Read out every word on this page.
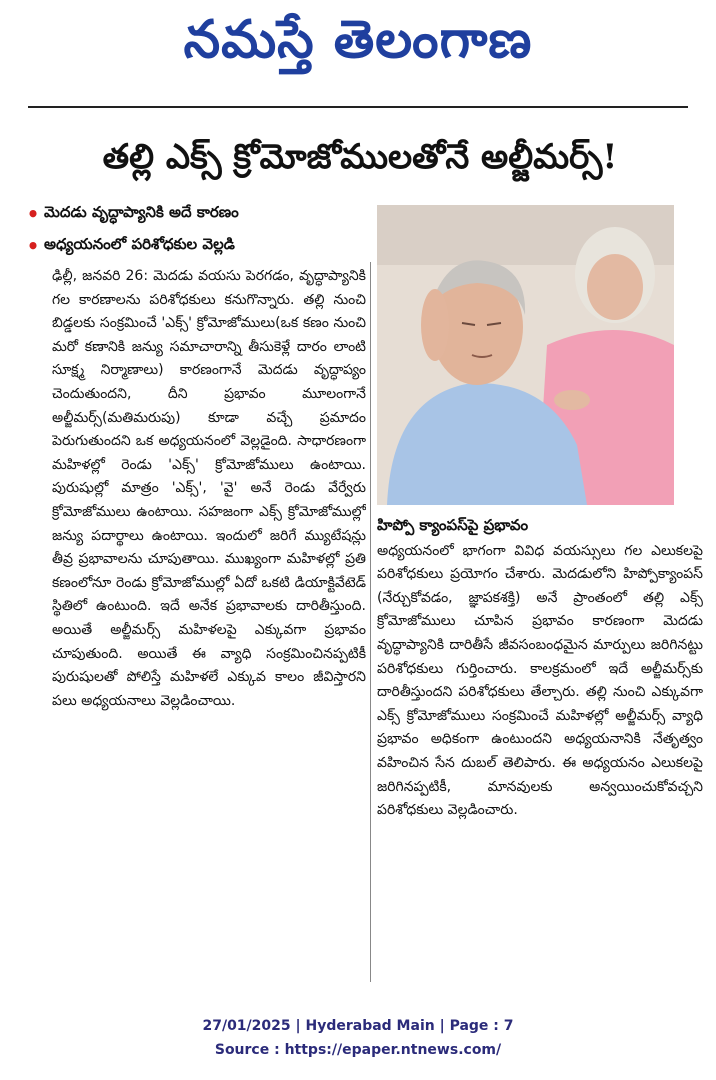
నమస్తే తెలంగాణ
తల్లి ఎక్స్ క్రోమోజోములతోనే అల్జీమర్స్!
• మెదడు వృద్ధాప్యానికి అదే కారణం
• అధ్యయనంలో పరిశోధకుల వెల్లడి
ఢిల్లీ, జనవరి 26: మెదడు వయసు పెరగడం, వృద్ధాప్యానికి గల కారణాలను పరిశోధకులు కనుగొన్నారు. తల్లి నుంచి బిడ్డలకు సంక్రమించే 'ఎక్స్' క్రోమోజోములు(ఒక కణం నుంచి మరో కణానికి జన్యు సమాచారాన్ని తీసుకెళ్లే దారం లాంటి సూక్ష్మ నిర్మాణాలు) కారణంగానే మెదడు వృద్ధాప్యం చెందుతుందని, దీని ప్రభావం మూలంగానే అల్జీమర్స్(మతిమరుపు) కూడా వచ్చే ప్రమాదం పెరుగుతుందని ఒక అధ్యయనంలో వెల్లడైంది. సాధారణంగా మహిళల్లో రెండు 'ఎక్స్' క్రోమోజోములు ఉంటాయి. పురుషుల్లో మాత్రం 'ఎక్స్', 'వై' అనే రెండు వేర్వేరు క్రోమోజోములు ఉంటాయి. సహజంగా ఎక్స్ క్రోమోజోముల్లో జన్యు పదార్థాలు ఉంటాయి. ఇందులో జరిగే మ్యుటేషన్లు తీవ్ర ప్రభావాలను చూపుతాయి. ముఖ్యంగా మహిళల్లో ప్రతి కణంలోనూ రెండు క్రోమోజోముల్లో ఏదో ఒకటి డియాక్టివేటెడ్ స్థితిలో ఉంటుంది. ఇదే అనేక ప్రభావాలకు దారితీస్తుంది. అయితే అల్జీమర్స్ మహిళలపై ఎక్కువగా ప్రభావం చూపుతుంది. అయితే ఈ వ్యాధి సంక్రమించినప్పటికీ పురుషులతో పోలిస్తే మహిళలే ఎక్కువ కాలం జీవిస్తారని పలు అధ్యయనాలు వెల్లడించాయి.
హిప్పో క్యాంపస్‌పై ప్రభావం
అధ్యయనంలో భాగంగా వివిధ వయస్సులు గల ఎలుకలపై పరిశోధకులు ప్రయోగం చేశారు. మెదడులోని హిప్పోక్యాంపస్ (నేర్చుకోవడం, జ్ఞాపకశక్తి) అనే ప్రాంతంలో తల్లి ఎక్స్ క్రోమోజోములు చూపిన ప్రభావం కారణంగా మెదడు వృద్ధాప్యానికి దారితీసే జీవసంబంధమైన మార్పులు జరిగినట్టు పరిశోధకులు గుర్తించారు. కాలక్రమంలో ఇదే అల్జీమర్స్‌కు దారితీస్తుందని పరిశోధకులు తేల్చారు. తల్లి నుంచి ఎక్కువగా ఎక్స్ క్రోమోజోములు సంక్రమించే మహిళల్లో అల్జీమర్స్ వ్యాధి ప్రభావం అధికంగా ఉంటుందని అధ్యయనానికి నేతృత్వం వహించిన సేన దుబల్ తెలిపారు. ఈ అధ్యయనం ఎలుకలపై జరిగినప్పటికీ, మానవులకు అన్వయించుకోవచ్చని పరిశోధకులు వెల్లడించారు.
27/01/2025 | Hyderabad Main | Page : 7
Source : https://epaper.ntnews.com/
